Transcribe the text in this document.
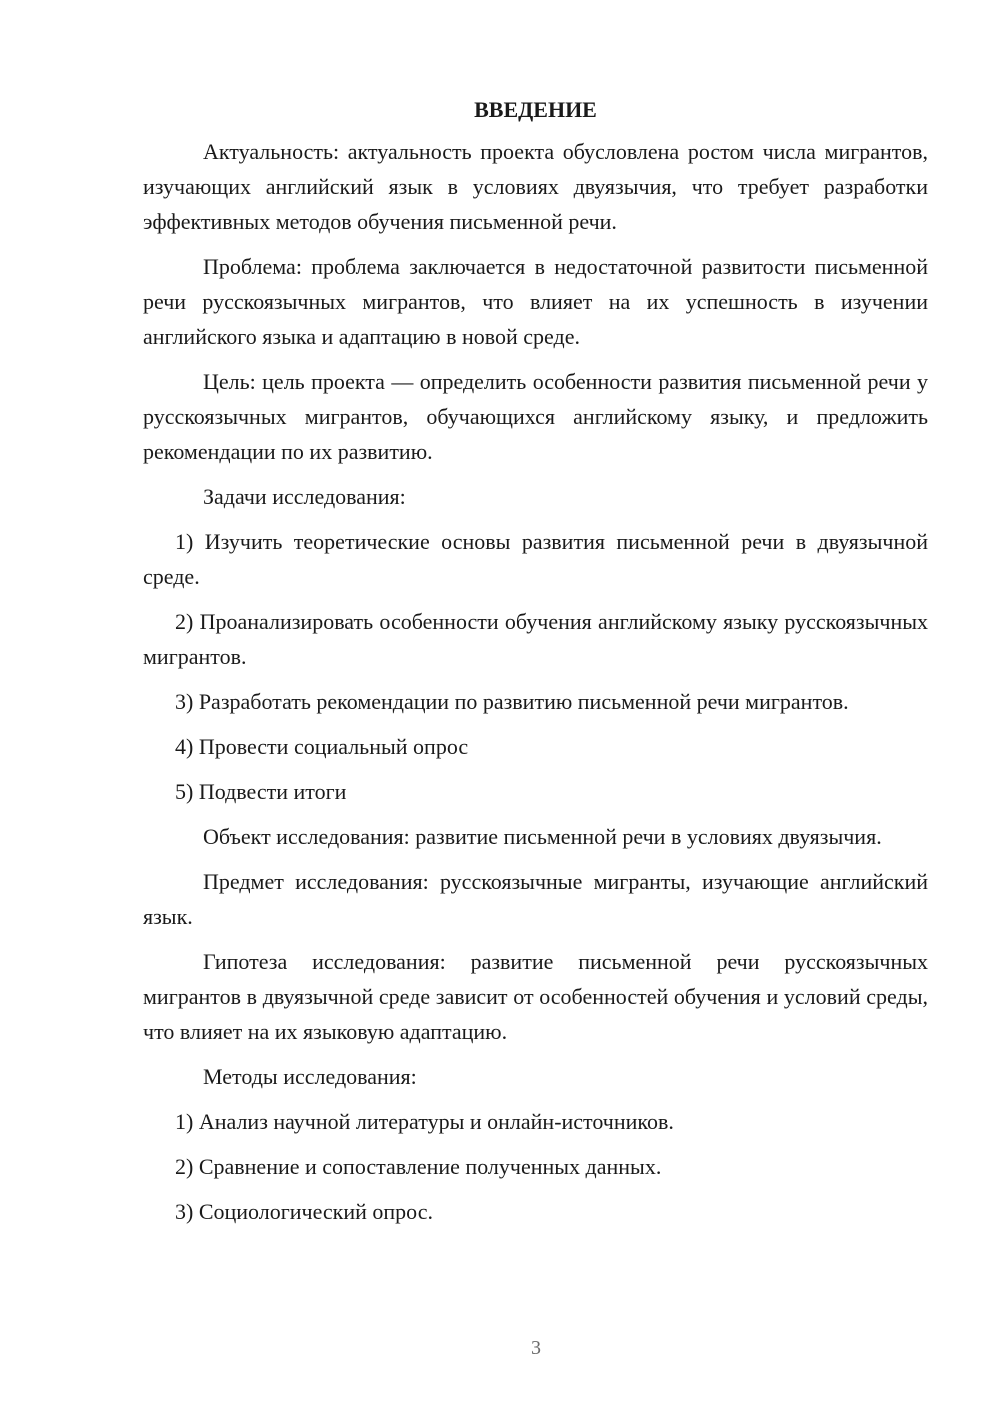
ВВЕДЕНИЕ

Актуальность: актуальность проекта обусловлена ростом числа мигрантов, изучающих английский язык в условиях двуязычия, что требует разработки эффективных методов обучения письменной речи.

Проблема: проблема заключается в недостаточной развитости письменной речи русскоязычных мигрантов, что влияет на их успешность в изучении английского языка и адаптацию в новой среде.

Цель: цель проекта — определить особенности развития письменной речи у русскоязычных мигрантов, обучающихся английскому языку, и предложить рекомендации по их развитию.

Задачи исследования:

1) Изучить теоретические основы развития письменной речи в двуязычной среде.

2) Проанализировать особенности обучения английскому языку русскоязычных мигрантов.

3) Разработать рекомендации по развитию письменной речи мигрантов.

4) Провести социальный опрос

5) Подвести итоги

Объект исследования: развитие письменной речи в условиях двуязычия.

Предмет исследования: русскоязычные мигранты, изучающие английский язык.

Гипотеза исследования: развитие письменной речи русскоязычных мигрантов в двуязычной среде зависит от особенностей обучения и условий среды, что влияет на их языковую адаптацию.

Методы исследования:

1) Анализ научной литературы и онлайн-источников.

2) Сравнение и сопоставление полученных данных.

3) Социологический опрос.

3
